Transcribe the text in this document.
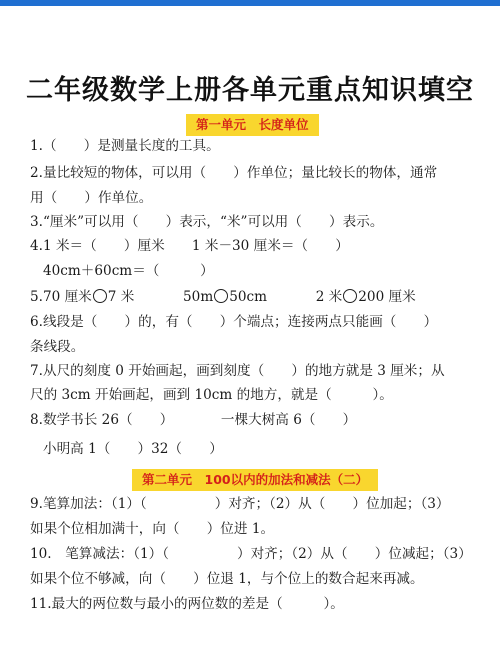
二年级数学上册各单元重点知识填空
第一单元　长度单位
1.（　　）是测量长度的工具。
2.量比较短的物体，可以用（　　）作单位；量比较长的物体，通常
用（　　）作单位。
3.“厘米”可以用（　　）表示，“米”可以用（　　）表示。
4.1 米＝（　　）厘米　　1 米－30 厘米＝（　　）
40cm＋60cm＝（　　　）
5.70 厘米 7 米	50m 50cm	2 米 200 厘米
6.线段是（　　）的，有（　　）个端点；连接两点只能画（　　）
条线段。
7.从尺的刻度 0 开始画起，画到刻度（　　）的地方就是 3 厘米；从
尺的 3cm 开始画起，画到 10cm 的地方，就是（　　　）。
8.数学书长 26（　　）　　　　一棵大树高 6（　　）
小明高 1（　　）32（　　）
第二单元　100以内的加法和减法（二）
9.笔算加法：（1）（　　　　　）对齐；（2）从（　　）位加起；（3）
如果个位相加满十，向（　　）位进 1。
10.　笔算减法：（1）（　　　　　）对齐；（2）从（　　）位减起；（3）
如果个位不够减，向（　　）位退 1，与个位上的数合起来再减。
11.最大的两位数与最小的两位数的差是（　　　）。
